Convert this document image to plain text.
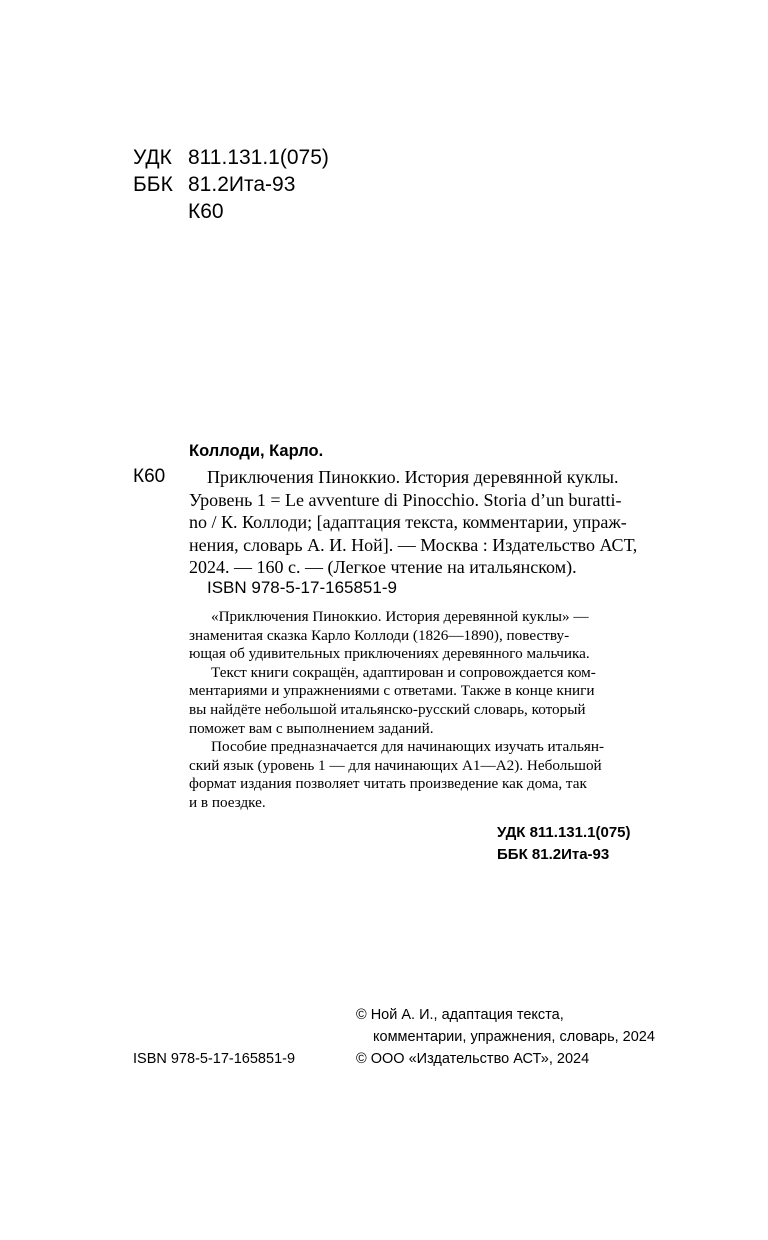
УДК 811.131.1(075)
ББК 81.2Ита-93
К60
Коллоди, Карло.
К60	Приключения Пиноккио. История деревянной куклы.
Уровень 1 = Le avventure di Pinocchio. Storia d’un buratti-
no / К. Коллоди; [адаптация текста, комментарии, упраж-
нения, словарь А. И. Ной]. — Москва : Издательство АСТ,
2024. — 160 с. — (Легкое чтение на итальянском).
ISBN 978-5-17-165851-9
«Приключения Пиноккио. История деревянной куклы» —
знаменитая сказка Карло Коллоди (1826—1890), повеству-
ющая об удивительных приключениях деревянного мальчика.
Текст книги сокращён, адаптирован и сопровождается ком-
ментариями и упражнениями с ответами. Также в конце книги
вы найдёте небольшой итальянско-русский словарь, который
поможет вам с выполнением заданий.
Пособие предназначается для начинающих изучать итальян-
ский язык (уровень 1 — для начинающих А1—А2). Небольшой
формат издания позволяет читать произведение как дома, так
и в поездке.
УДК 811.131.1(075)
ББК 81.2Ита-93
© Ной А. И., адаптация текста,
комментарии, упражнения, словарь, 2024
© ООО «Издательство АСТ», 2024
ISBN 978-5-17-165851-9
